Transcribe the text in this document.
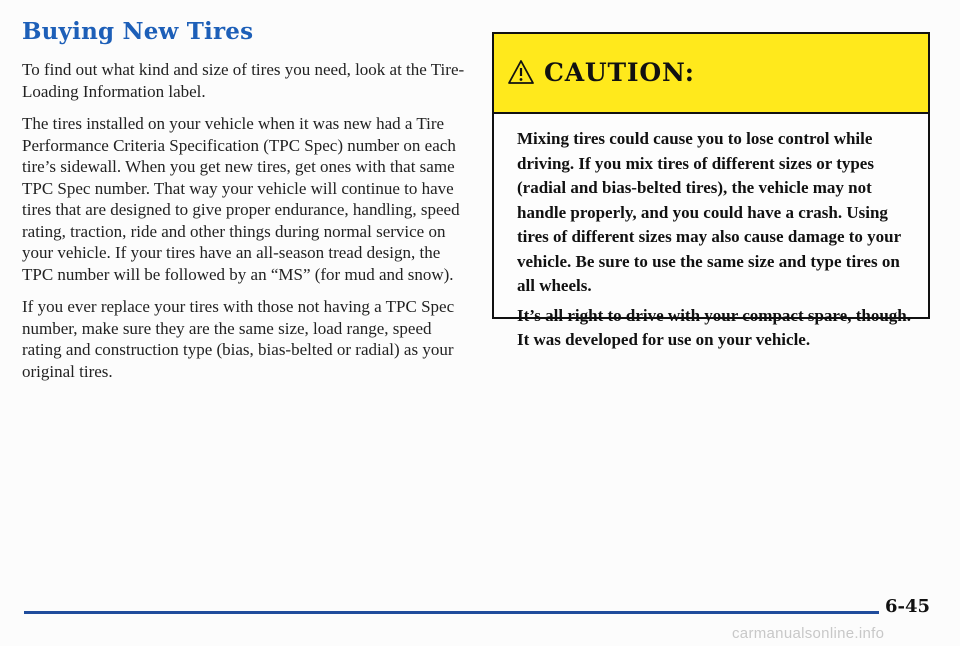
Buying New Tires

To find out what kind and size of tires you need, look at the Tire-Loading Information label.

The tires installed on your vehicle when it was new had a Tire Performance Criteria Specification (TPC Spec) number on each tire’s sidewall. When you get new tires, get ones with that same TPC Spec number. That way your vehicle will continue to have tires that are designed to give proper endurance, handling, speed rating, traction, ride and other things during normal service on your vehicle. If your tires have an all-season tread design, the TPC number will be followed by an “MS” (for mud and snow).

If you ever replace your tires with those not having a TPC Spec number, make sure they are the same size, load range, speed rating and construction type (bias, bias-belted or radial) as your original tires.

CAUTION:

Mixing tires could cause you to lose control while driving. If you mix tires of different sizes or types (radial and bias-belted tires), the vehicle may not handle properly, and you could have a crash. Using tires of different sizes may also cause damage to your vehicle. Be sure to use the same size and type tires on all wheels.

It’s all right to drive with your compact spare, though. It was developed for use on your vehicle.

6-45
carmanualsonline.info
